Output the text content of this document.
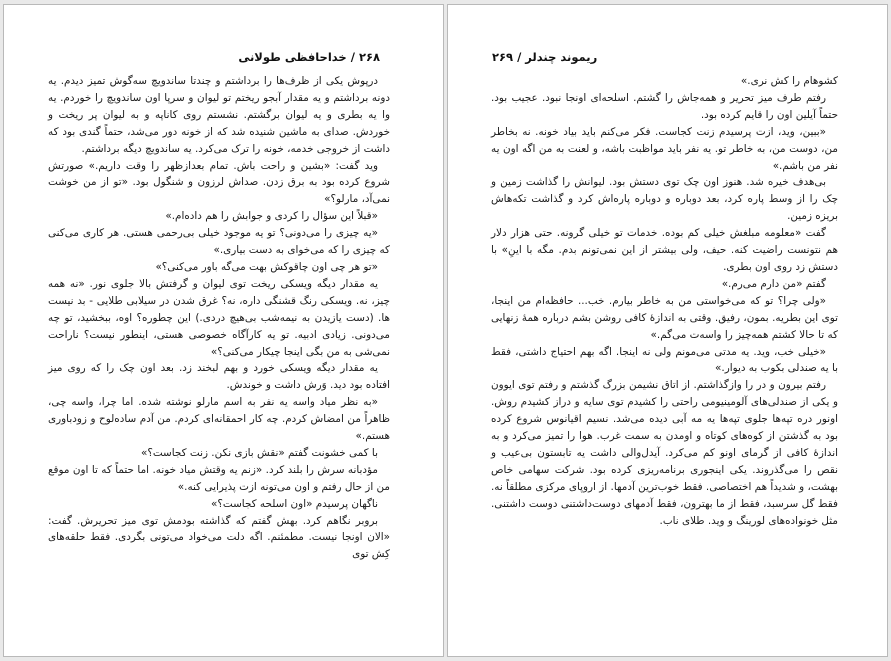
۲۶۸ / خداحافظی طولانی

درپوش یکی از ظرف‌ها را برداشتم و چندتا ساندویچ سه‌گوش تمیز دیدم. یه دونه برداشتم و یه مقدار آبجو ریختم تو لیوان و سرپا اون ساندویچ را خوردم. یه وا یه بطری و یه لیوان برگشتم. نشستم روی کاناپه و به لیوان پر ریخت و خوردش. صدای به ماشین شنیده شد که از خونه دور می‌شد، حتماً گندی بود که داشت از خروجی خدمه، خونه را ترک می‌کرد. یه ساندویچ دیگه برداشتم.

وید گفت: «بشین و راحت باش. تمام بعدازظهر را وقت داریم.» صورتش شروع کرده بود به برق زدن. صداش لرزون و شنگول بود. «تو از من خوشت نمی‌آد، مارلو؟»

«قبلاً این سؤال را کردی و جوابش را هم داده‌ام.»

«یه چیزی را می‌دونی؟ تو یه موجود خیلی بی‌رحمی هستی. هر کاری می‌کنی که چیزی را که می‌خوای به دست بیاری.»

«تو هر چی اون چاقوکش بهت می‌گه باور می‌کنی؟»

یه مقدار دیگه ویسکی ریخت توی لیوان و گرفتش بالا جلوی نور. «نه همه چیز، نه. ویسکی رنگ قشنگی داره، نه؟ غرق شدن در سیلابی طلایی - بد نیست ها. (دست یازیدن به نیمه‌شب بی‌هیچ دردی.) این چطوره؟ اوه، ببخشید، تو چه می‌دونی. زیادی ادبیه. تو یه کارآگاه خصوصی هستی، اینطور نیست؟ ناراحت نمی‌شی به من بگی اینجا چیکار می‌کنی؟»

یه مقدار دیگه ویسکی خورد و بهم لبخند زد. بعد اون چک را که روی میز افتاده بود دید. وَرش داشت و خوندش.

«به نظر میاد واسه یه نفر به اسم مارلو نوشته شده. اما چرا، واسه چی، ظاهراً من امضاش کردم. چه کار احمقانه‌ای کردم. من آدم ساده‌لوح و زودباوری هستم.»

با کمی خشونت گفتم «نقش بازی نکن. زنت کجاست؟»

مؤدبانه سرش را بلند کرد. «زنم یه وقتش میاد خونه. اما حتماً که تا اون موقع من از حال رفتم و اون می‌تونه ازت پذیرایی کنه.»

ناگهان پرسیدم «اون اسلحه کجاست؟»

بروبر نگاهم کرد. بهش گفتم که گذاشته بودمش توی میز تحریرش. گفت: «الان اونجا نیست. مطمئنم. اگه دلت می‌خواد می‌تونی بگردی. فقط حلقه‌های کِش توی

ریموند چندلر / ۲۶۹

کشوهام را کش نری.»

رفتم طرف میز تحریر و همه‌جاش را گشتم. اسلحه‌ای اونجا نبود. عجیب بود. حتماً آیلین اون را قایم کرده بود.

«ببین، وید، ازت پرسیدم زنت کجاست. فکر می‌کنم باید بیاد خونه. نه بخاطر من، دوست من، به خاطر تو. یه نفر باید مواظبت باشه، و لعنت به من اگه اون یه نفر من باشم.»

بی‌هدف خیره شد. هنوز اون چک توی دستش بود. لیوانش را گذاشت زمین و چک را از وسط پاره کرد، بعد دوباره و دوباره پاره‌اش کرد و گذاشت تکه‌هاش بریزه زمین.

گفت «معلومه مبلغش خیلی کم بوده. خدمات تو خیلی گرونه. حتی هزار دلار هم نتونست راضیت کنه. حیف، ولی بیشتر از این نمی‌تونم بدم. مگه با اینِ» با دستش زد روی اون بطری.

گفتم «من دارم می‌رم.»

«ولی چرا؟ تو که می‌خواستی من به خاطر بیارم. خب... حافظه‌ام من اینجا، توی این بطریه. بمون، رفیق. وقتی به اندازهٔ کافی روشن بشم درباره همهٔ زنهایی که تا حالا کشتم همه‌چیز را واسه‌ت می‌گم.»

«خیلی خب، وید. یه مدتی می‌مونم ولی نه اینجا. اگه بهم احتیاج داشتی، فقط با یه صندلی بکوب به دیوار.»

رفتم بیرون و در را وازگذاشتم. از اتاق نشیمن بزرگ گذشتم و رفتم توی ایوون و یکی از صندلی‌های آلومینیومی راحتی را کشیدم توی سایه و دراز کشیدم روش. اونور دره تپه‌ها جلوی تپه‌ها یه مه آبی دیده می‌شد. نسیم اقیانوس شروع کرده بود به گذشتن از کوه‌های کوتاه و اومدن به سمت غرب. هوا را تمیز می‌کرد و به اندازهٔ کافی از گرمای اونو کم می‌کرد. آیدل‌والی داشت یه تابستون بی‌عیب و نقص را می‌گذروند. یکی اینجوری برنامه‌ریزی کرده بود. شرکت سهامی خاص بهشت، و شدیداً هم اختصاصی. فقط خوب‌ترین آدمها. از اروپای مرکزی مطلقاً نه. فقط گل سرسبد، فقط از ما بهترون، فقط آدمهای دوست‌داشتنی دوست داشتنی. مثل خونواده‌های لورینگ و وید. طلای ناب.
